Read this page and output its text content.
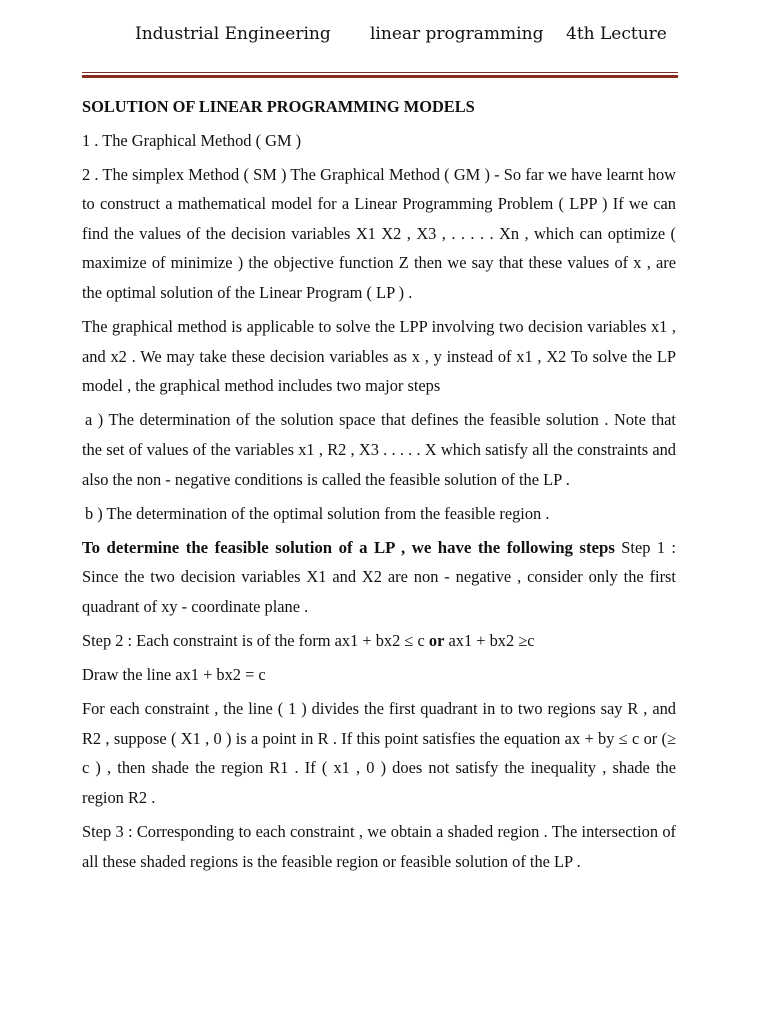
Industrial Engineering linear programming 4th Lecture

SOLUTION OF LINEAR PROGRAMMING MODELS

1 . The Graphical Method ( GM )

2 . The simplex Method ( SM ) The Graphical Method ( GM ) - So far we have learnt how to construct a mathematical model for a Linear Programming Problem ( LPP ) If we can find the values of the decision variables X1 X2 , X3 , . . . . . Xn , which can optimize ( maximize of minimize ) the objective function Z then we say that these values of x , are the optimal solution of the Linear Program ( LP ) .

The graphical method is applicable to solve the LPP involving two decision variables x1 , and x2 . We may take these decision variables as x , y instead of x1 , X2 To solve the LP model , the graphical method includes two major steps

a ) The determination of the solution space that defines the feasible solution . Note that the set of values of the variables x1 , R2 , X3 . . . . . X which satisfy all the constraints and also the non - negative conditions is called the feasible solution of the LP .

b ) The determination of the optimal solution from the feasible region .

To determine the feasible solution of a LP , we have the following steps Step 1 : Since the two decision variables X1 and X2 are non - negative , consider only the first quadrant of xy - coordinate plane .

Step 2 : Each constraint is of the form ax1 + bx2 ≤ c or ax1 + bx2 ≥c

Draw the line ax1 + bx2 = c

For each constraint , the line ( 1 ) divides the first quadrant in to two regions say R , and R2 , suppose ( X1 , 0 ) is a point in R . If this point satisfies the equation ax + by ≤ c or (≥ c ) , then shade the region R1 . If ( x1 , 0 ) does not satisfy the inequality , shade the region R2 .

Step 3 : Corresponding to each constraint , we obtain a shaded region . The intersection of all these shaded regions is the feasible region or feasible solution of the LP .
